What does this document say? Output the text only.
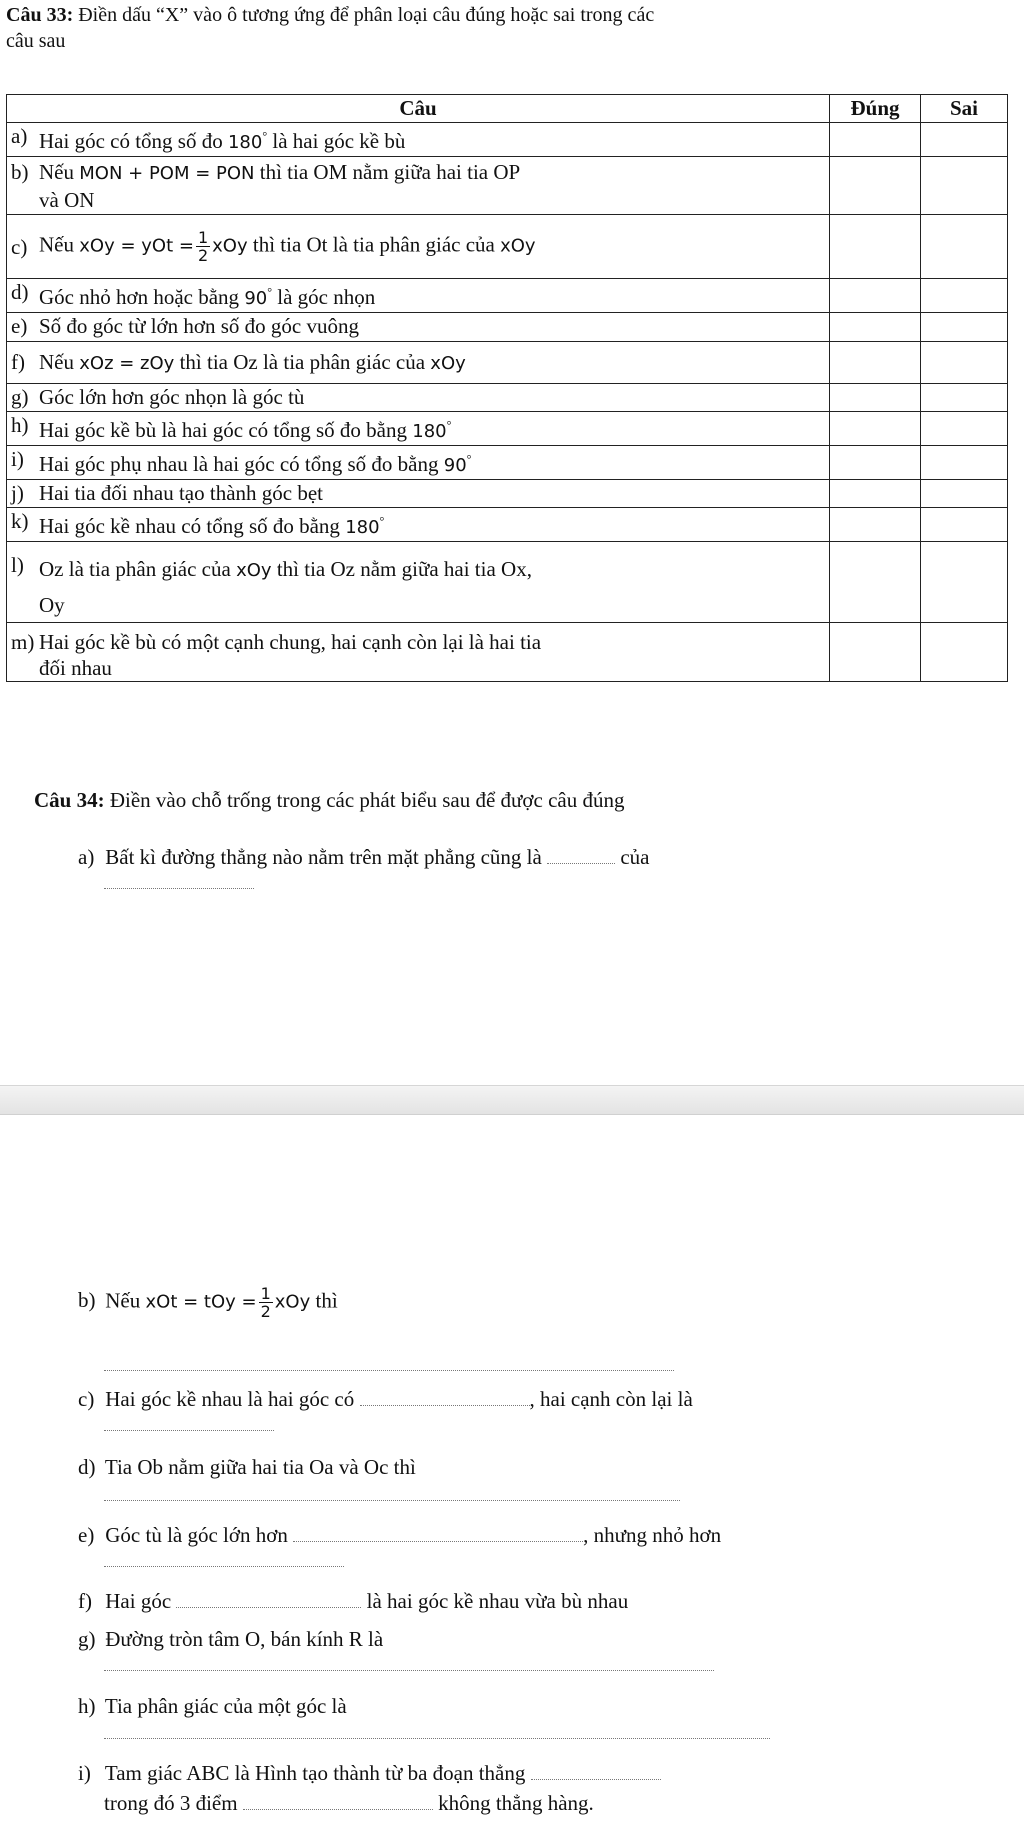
Câu 33: Điền dấu “X” vào ô tương ứng để phân loại câu đúng hoặc sai trong các
câu sau
Câu	Đúng	Sai

a) Hai góc có tổng số đo 180° là hai góc kề bù		

b) Nếu MON + POM = PON thì tia OM nằm giữa hai tia OP
và ON		

c) Nếu xOy = yOt = $\frac{1}{2}$ xOy thì tia Ot là tia phân giác của xOy		

d) Góc nhỏ hơn hoặc bằng 90° là góc nhọn		

e) Số đo góc từ lớn hơn số đo góc vuông		

f) Nếu xOz = zOy thì tia Oz là tia phân giác của xOy		

g) Góc lớn hơn góc nhọn là góc tù		

h) Hai góc kề bù là hai góc có tổng số đo bằng 180°

i) Hai góc phụ nhau là hai góc có tổng số đo bằng 90°

j) Hai tia đối nhau tạo thành góc bẹt		

k) Hai góc kề nhau có tổng số đo bằng 180°

l) Oz là tia phân giác của xOy thì tia Oz nằm giữa hai tia Ox,
Oy		

m) Hai góc kề bù có một cạnh chung, hai cạnh còn lại là hai tia
đối nhau		

Câu 34: Điền vào chỗ trống trong các phát biểu sau để được câu đúng
a) Bất kì đường thẳng nào nằm trên mặt phẳng cũng là	của
b) Nếu xOt = tOy = $\frac{1}{2}$ xOy thì
c) Hai góc kề nhau là hai góc có	, hai cạnh còn lại là
d) Tia Ob nằm giữa hai tia Oa và Oc thì
e) Góc tù là góc lớn hơn	, nhưng nhỏ hơn
f) Hai góc	là hai góc kề nhau vừa bù nhau
g) Đường tròn tâm O, bán kính R là
h) Tia phân giác của một góc là
i) Tam giác ABC là Hình tạo thành từ ba đoạn thẳng
trong đó 3 điểm	không thẳng hàng.
